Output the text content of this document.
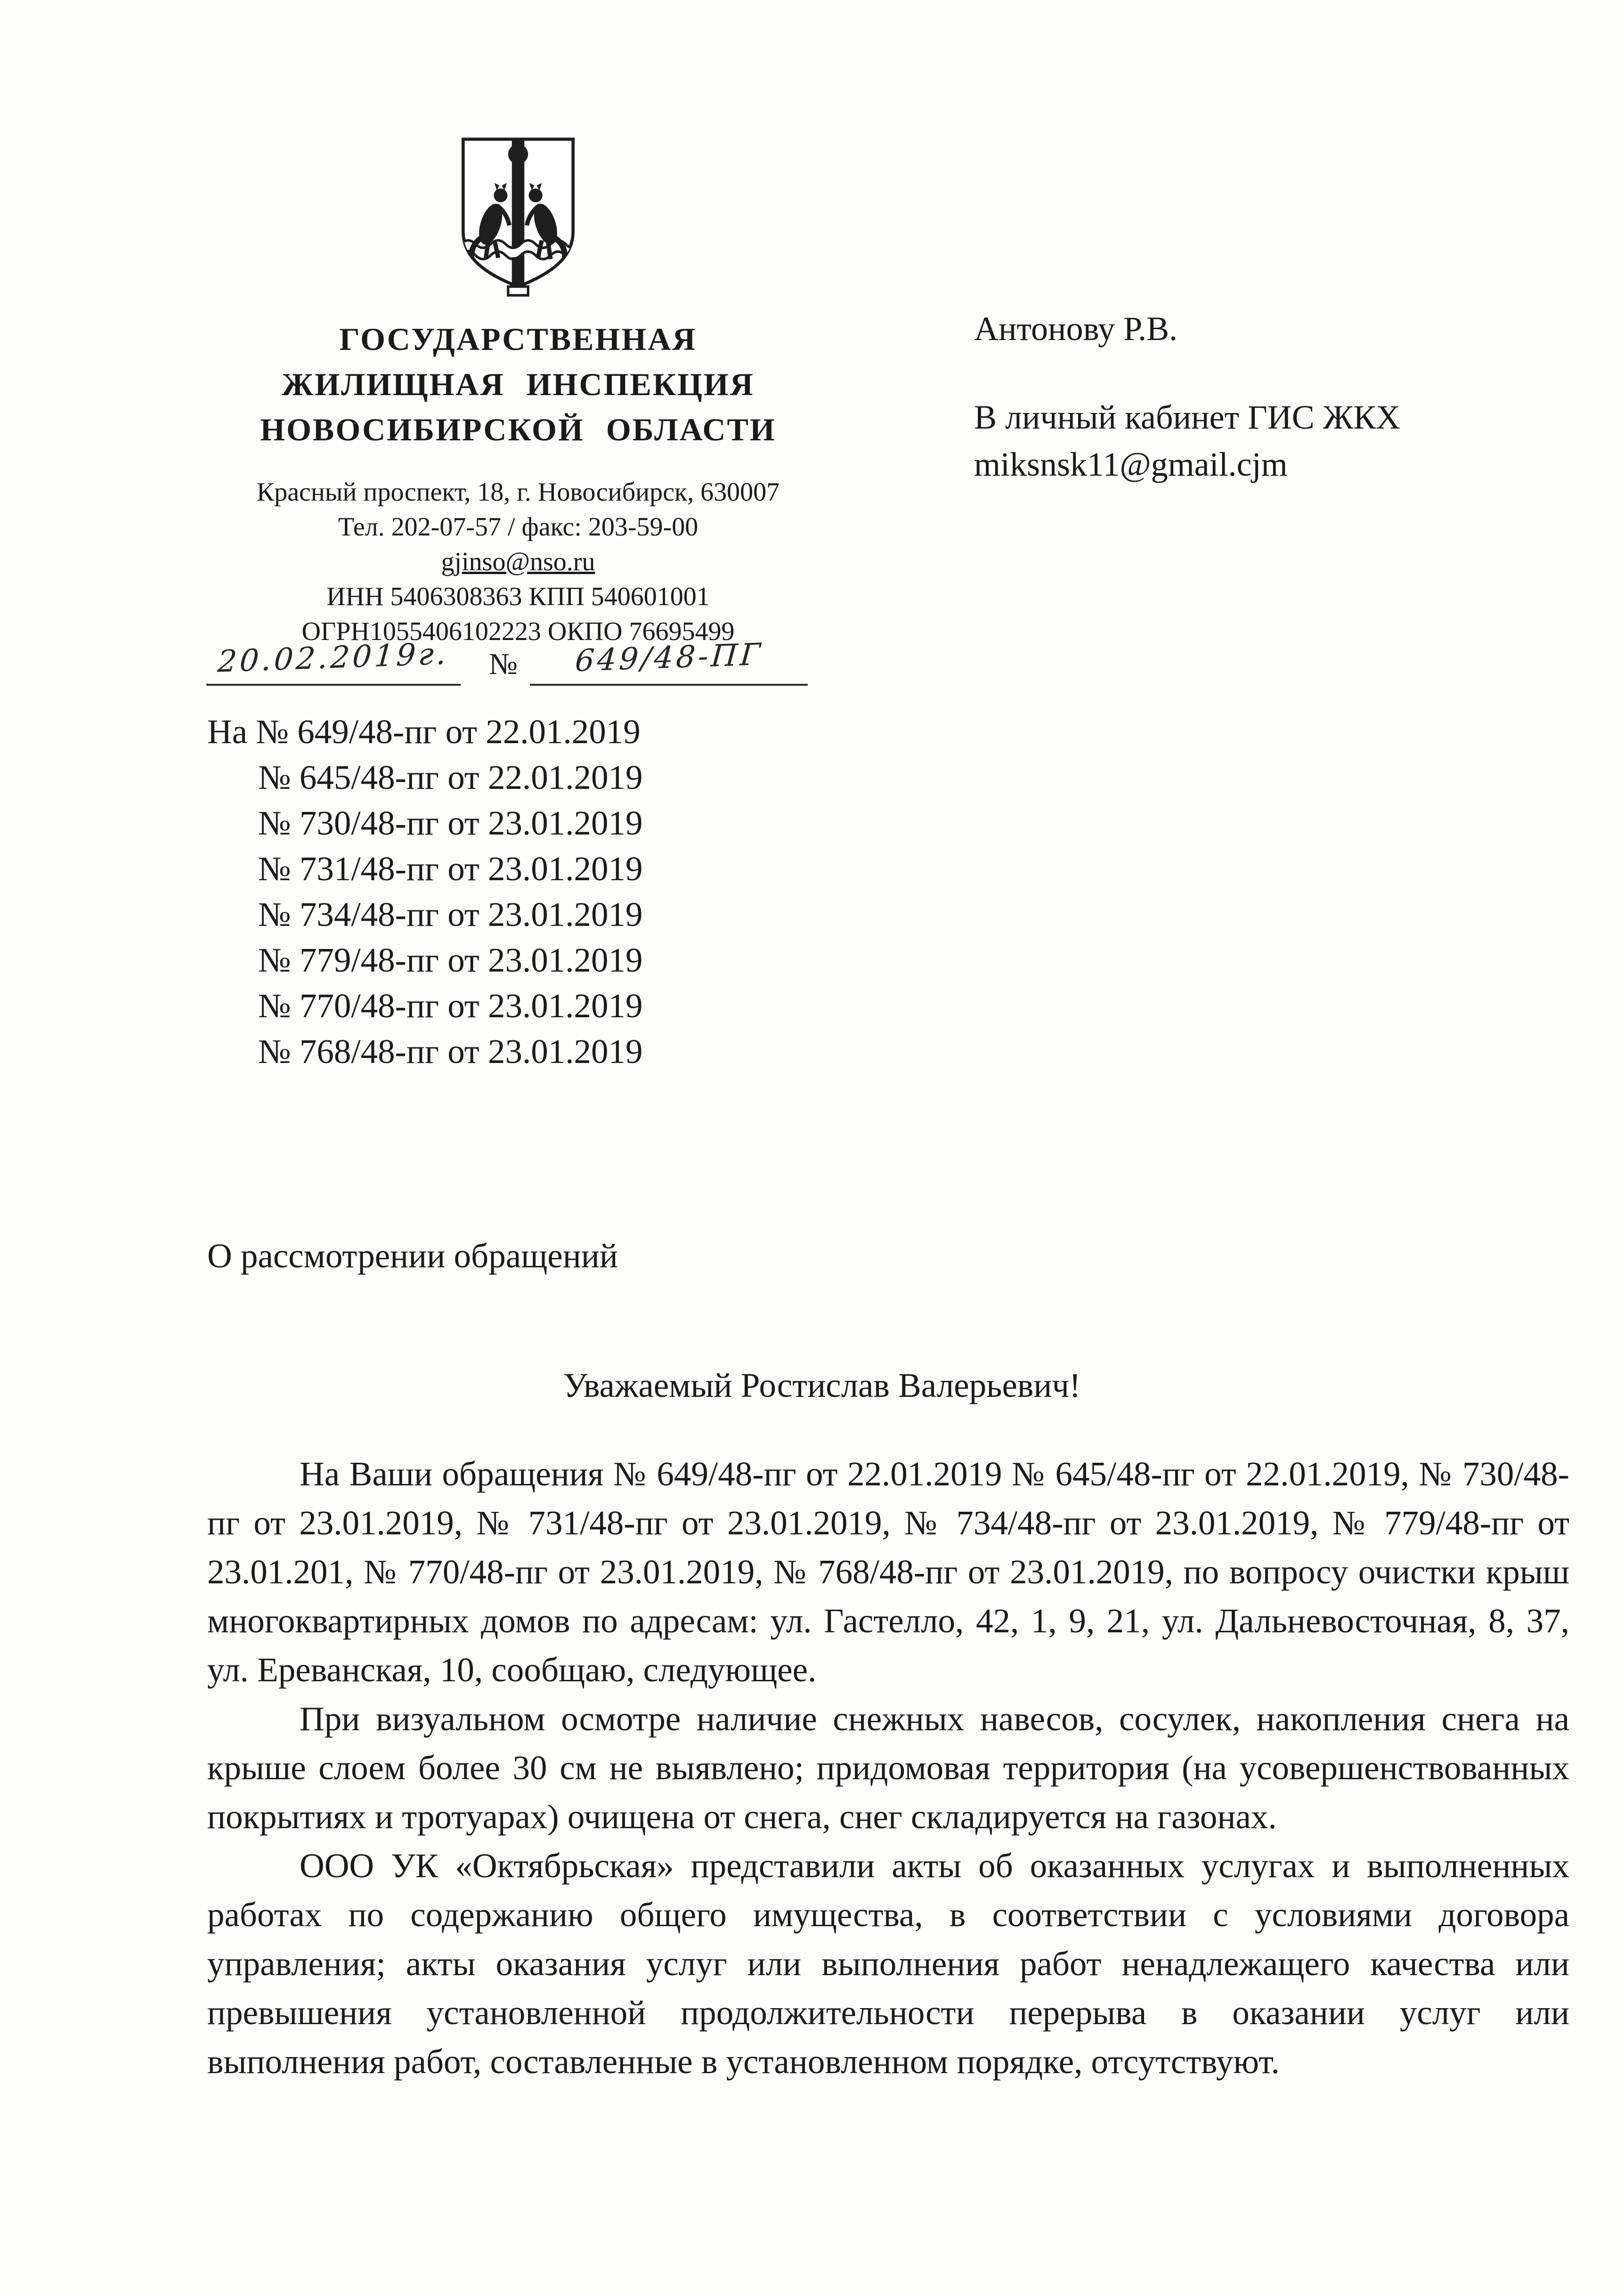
ГОСУДАРСТВЕННАЯ
ЖИЛИЩНАЯ ИНСПЕКЦИЯ
НОВОСИБИРСКОЙ ОБЛАСТИ
Красный проспект, 18, г. Новосибирск, 630007
Тел. 202-07-57 / факс: 203-59-00
gjinso@nso.ru
ИНН 5406308363 КПП 540601001
ОГРН1055406102223 ОКПО 76695499
20.02.2019г. № 649/48-ПГ
Антонову Р.В.
В личный кабинет ГИС ЖКХ
miksnsk11@gmail.cjm
На № 649/48-пг от 22.01.2019
№ 645/48-пг от 22.01.2019
№ 730/48-пг от 23.01.2019
№ 731/48-пг от 23.01.2019
№ 734/48-пг от 23.01.2019
№ 779/48-пг от 23.01.2019
№ 770/48-пг от 23.01.2019
№ 768/48-пг от 23.01.2019
О рассмотрении обращений
Уважаемый Ростислав Валерьевич!

На Ваши обращения № 649/48-пг от 22.01.2019 № 645/48-пг от 22.01.2019, № 730/48-пг от 23.01.2019, № 731/48-пг от 23.01.2019, № 734/48-пг от 23.01.2019, № 779/48-пг от 23.01.201, № 770/48-пг от 23.01.2019, № 768/48-пг от 23.01.2019, по вопросу очистки крыш многоквартирных домов по адресам: ул. Гастелло, 42, 1, 9, 21, ул. Дальневосточная, 8, 37, ул. Ереванская, 10, сообщаю, следующее.

При визуальном осмотре наличие снежных навесов, сосулек, накопления снега на крыше слоем более 30 см не выявлено; придомовая территория (на усовершенствованных покрытиях и тротуарах) очищена от снега, снег складируется на газонах.

ООО УК «Октябрьская» представили акты об оказанных услугах и выполненных работах по содержанию общего имущества, в соответствии с условиями договора управления; акты оказания услуг или выполнения работ ненадлежащего качества или превышения установленной продолжительности перерыва в оказании услуг или выполнения работ, составленные в установленном порядке, отсутствуют.
